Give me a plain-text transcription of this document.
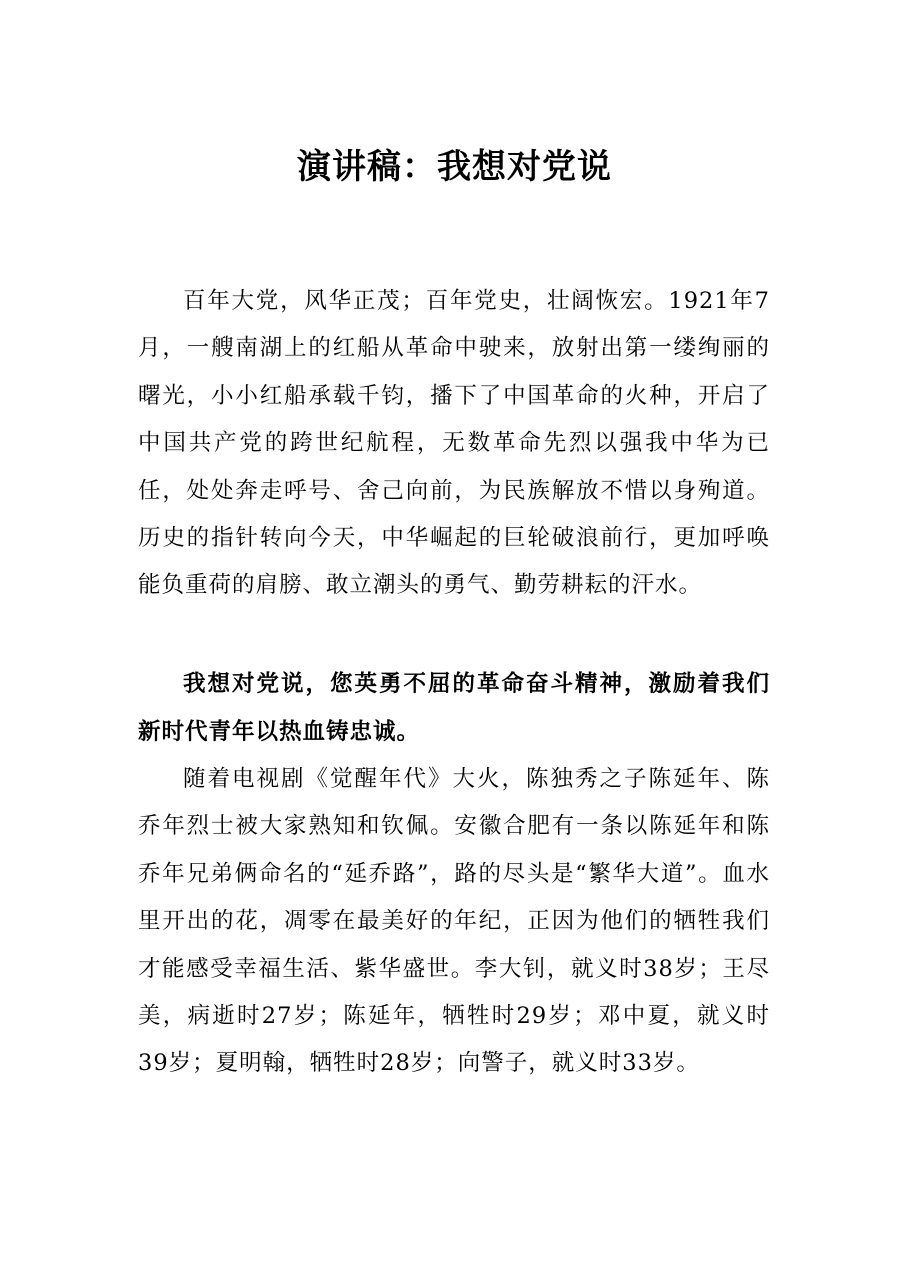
演讲稿：我想对党说

百年大党，风华正茂；百年党史，壮阔恢宏。1921年7月，一艘南湖上的红船从革命中驶来，放射出第一缕绚丽的曙光，小小红船承载千钧，播下了中国革命的火种，开启了中国共产党的跨世纪航程，无数革命先烈以强我中华为已任，处处奔走呼号、舍己向前，为民族解放不惜以身殉道。历史的指针转向今天，中华崛起的巨轮破浪前行，更加呼唤能负重荷的肩膀、敢立潮头的勇气、勤劳耕耘的汗水。

我想对党说，您英勇不屈的革命奋斗精神，激励着我们新时代青年以热血铸忠诚。

随着电视剧《觉醒年代》大火，陈独秀之子陈延年、陈乔年烈士被大家熟知和钦佩。安徽合肥有一条以陈延年和陈乔年兄弟俩命名的“延乔路”，路的尽头是“繁华大道”。血水里开出的花，凋零在最美好的年纪，正因为他们的牺牲我们才能感受幸福生活、紫华盛世。李大钊，就义时38岁；王尽美，病逝时27岁；陈延年，牺牲时29岁；邓中夏，就义时39岁；夏明翰，牺牲时28岁；向警子，就义时33岁。
